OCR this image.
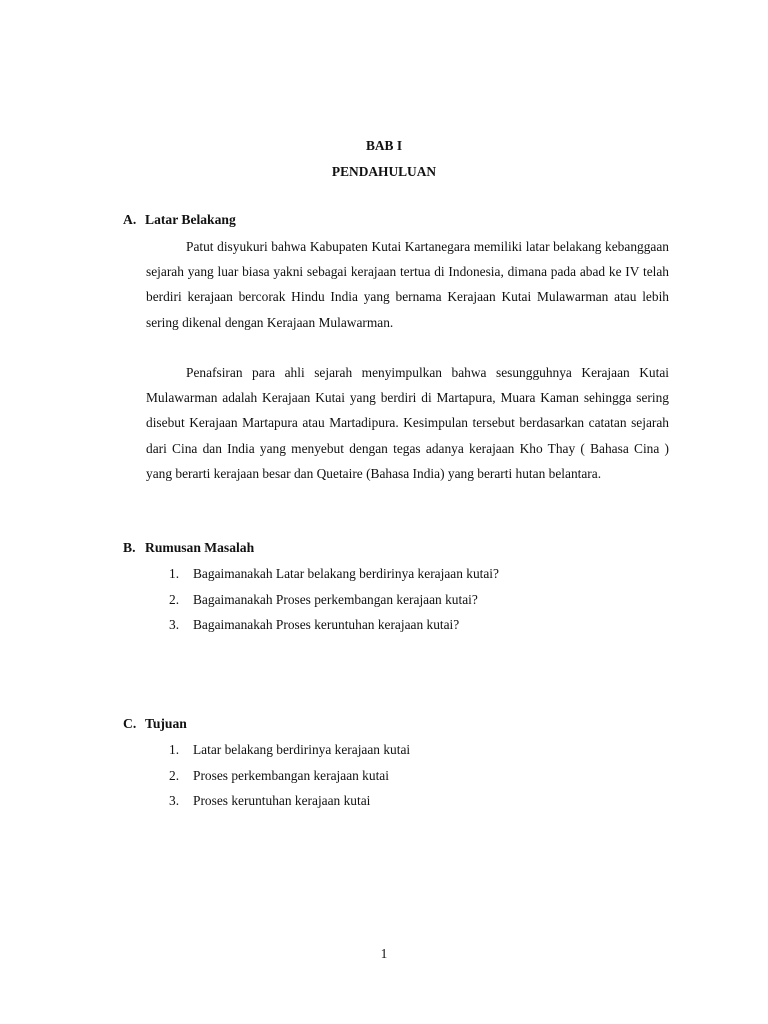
BAB I
PENDAHULUAN
A. Latar Belakang

Patut disyukuri bahwa Kabupaten Kutai Kartanegara memiliki latar belakang kebanggaan sejarah yang luar biasa yakni sebagai kerajaan tertua di Indonesia, dimana pada abad ke IV telah berdiri kerajaan bercorak Hindu India yang bernama Kerajaan Kutai Mulawarman atau lebih sering dikenal dengan Kerajaan Mulawarman.

Penafsiran para ahli sejarah menyimpulkan bahwa sesungguhnya Kerajaan Kutai Mulawarman adalah Kerajaan Kutai yang berdiri di Martapura, Muara Kaman sehingga sering disebut Kerajaan Martapura atau Martadipura. Kesimpulan tersebut berdasarkan catatan sejarah dari Cina dan India yang menyebut dengan tegas adanya kerajaan Kho Thay ( Bahasa Cina ) yang berarti kerajaan besar dan Quetaire (Bahasa India) yang berarti hutan belantara.

B. Rumusan Masalah
1. Bagaimanakah Latar belakang berdirinya kerajaan kutai?
2. Bagaimanakah Proses perkembangan kerajaan kutai?
3. Bagaimanakah Proses keruntuhan kerajaan kutai?
C. Tujuan
1. Latar belakang berdirinya kerajaan kutai
2. Proses perkembangan kerajaan kutai
3. Proses keruntuhan kerajaan kutai
1
